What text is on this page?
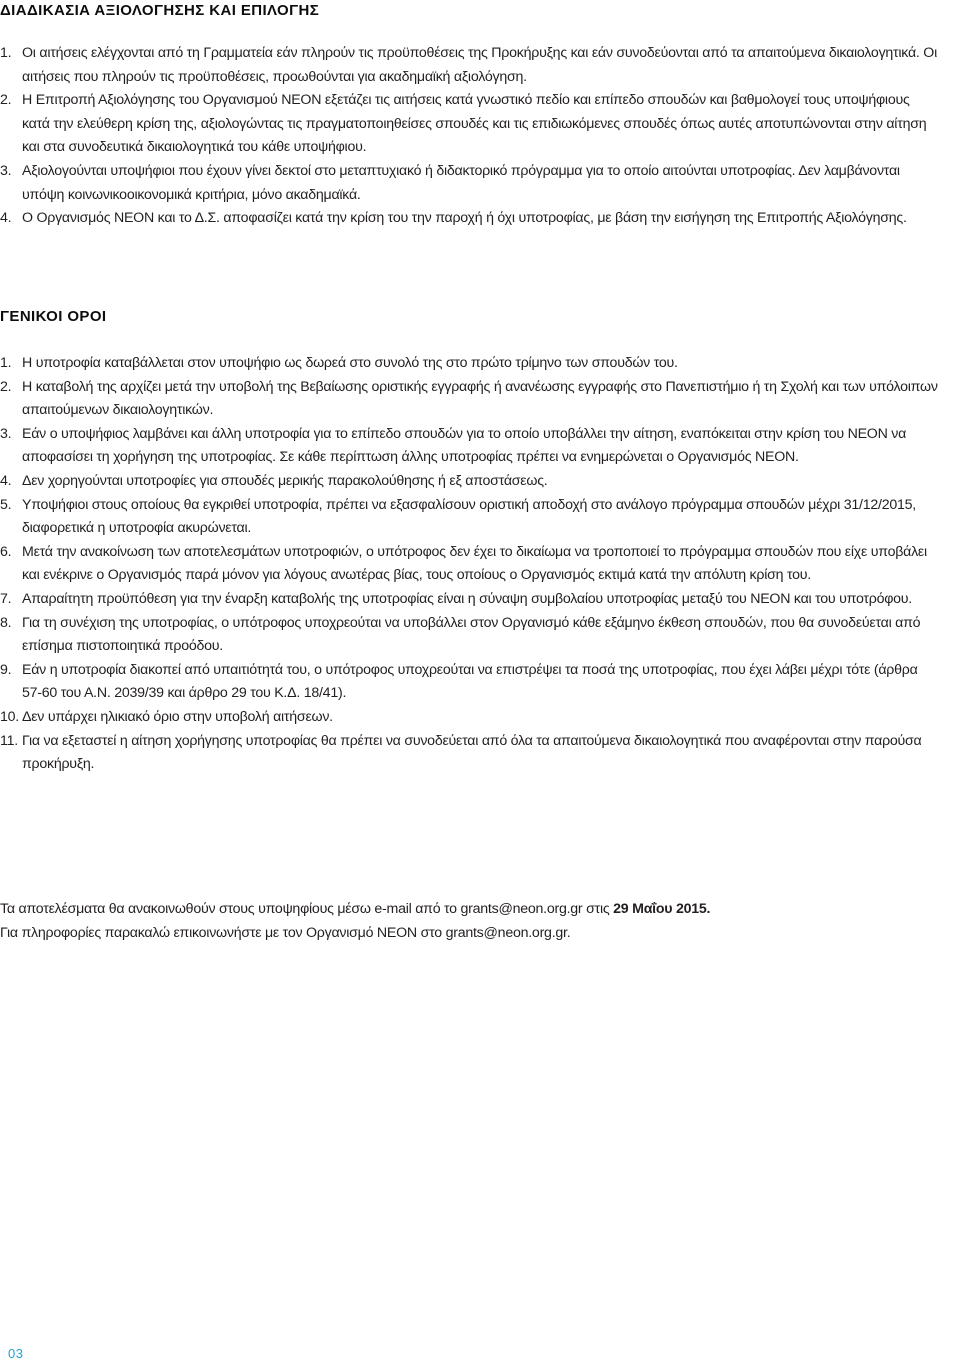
ΔΙΑΔΙΚΑΣΙΑ ΑΞΙΟΛΟΓΗΣΗΣ ΚΑΙ ΕΠΙΛΟΓΗΣ
1. Οι αιτήσεις ελέγχονται από τη Γραμματεία εάν πληρούν τις προϋποθέσεις της Προκήρυξης και εάν συνοδεύονται από τα απαιτούμενα δικαιολογητικά. Οι αιτήσεις που πληρούν τις προϋποθέσεις, προωθούνται για ακαδημαϊκή αξιολόγηση.
2. Η Επιτροπή Αξιολόγησης του Οργανισμού ΝΕΟΝ εξετάζει τις αιτήσεις κατά γνωστικό πεδίο και επίπεδο σπουδών και βαθμολογεί τους υποψήφιους κατά την ελεύθερη κρίση της, αξιολογώντας τις πραγματοποιηθείσες σπουδές και τις επιδιωκόμενες σπουδές όπως αυτές αποτυπώνονται στην αίτηση και στα συνοδευτικά δικαιολογητικά του κάθε υποψήφιου.
3. Αξιολογούνται υποψήφιοι που έχουν γίνει δεκτοί στο μεταπτυχιακό ή διδακτορικό πρόγραμμα για το οποίο αιτούνται υποτροφίας. Δεν λαμβάνονται υπόψη κοινωνικοοικονομικά κριτήρια, μόνο ακαδημαϊκά.
4. Ο Οργανισμός ΝΕΟΝ και το Δ.Σ. αποφασίζει κατά την κρίση του την παροχή ή όχι υποτροφίας, με βάση την εισήγηση της Επιτροπής Αξιολόγησης.
ΓΕΝΙΚΟΙ ΟΡΟΙ
1. Η υποτροφία καταβάλλεται στον υποψήφιο ως δωρεά στο συνολό της στο πρώτο τρίμηνο των σπουδών του.
2. Η καταβολή της αρχίζει μετά την υποβολή της Βεβαίωσης οριστικής εγγραφής ή ανανέωσης εγγραφής στο Πανεπιστήμιο ή τη Σχολή και των υπόλοιπων απαιτούμενων δικαιολογητικών.
3. Εάν ο υποψήφιος λαμβάνει και άλλη υποτροφία για το επίπεδο σπουδών για το οποίο υποβάλλει την αίτηση, εναπόκειται στην κρίση του ΝΕΟΝ να αποφασίσει τη χορήγηση της υποτροφίας. Σε κάθε περίπτωση άλλης υποτροφίας πρέπει να ενημερώνεται ο Οργανισμός ΝΕΟΝ.
4. Δεν χορηγούνται υποτροφίες για σπουδές μερικής παρακολούθησης ή εξ αποστάσεως.
5. Υποψήφιοι στους οποίους θα εγκριθεί υποτροφία, πρέπει να εξασφαλίσουν οριστική αποδοχή στο ανάλογο πρόγραμμα σπουδών μέχρι 31/12/2015, διαφορετικά η υποτροφία ακυρώνεται.
6. Μετά την ανακοίνωση των αποτελεσμάτων υποτροφιών, ο υπότροφος δεν έχει το δικαίωμα να τροποποιεί το πρόγραμμα σπουδών που είχε υποβάλει και ενέκρινε ο Οργανισμός παρά μόνον για λόγους ανωτέρας βίας, τους οποίους ο Οργανισμός εκτιμά κατά την απόλυτη κρίση του.
7. Απαραίτητη προϋπόθεση για την έναρξη καταβολής της υποτροφίας είναι η σύναψη συμβολαίου υποτροφίας μεταξύ του ΝΕΟΝ και του υποτρόφου.
8. Για τη συνέχιση της υποτροφίας, ο υπότροφος υποχρεούται να υποβάλλει στον Οργανισμό κάθε εξάμηνο έκθεση σπουδών, που θα συνοδεύεται από επίσημα πιστοποιητικά προόδου.
9. Εάν η υποτροφία διακοπεί από υπαιτιότητά του, ο υπότροφος υποχρεούται να επιστρέψει τα ποσά της υποτροφίας, που έχει λάβει μέχρι τότε (άρθρα 57-60 του Α.Ν. 2039/39 και άρθρο 29 του Κ.Δ. 18/41).
10. Δεν υπάρχει ηλικιακό όριο στην υποβολή αιτήσεων.
11. Για να εξεταστεί η αίτηση χορήγησης υποτροφίας θα πρέπει να συνοδεύεται από όλα τα απαιτούμενα δικαιολογητικά που αναφέρονται στην παρούσα προκήρυξη.

Τα αποτελέσματα θα ανακοινωθούν στους υποψηφίους μέσω e-mail από το grants@neon.org.gr στις 29 Μαΐου 2015.

Για πληροφορίες παρακαλώ επικοινωνήστε με τον Οργανισμό ΝΕΟΝ στο grants@neon.org.gr.

03
